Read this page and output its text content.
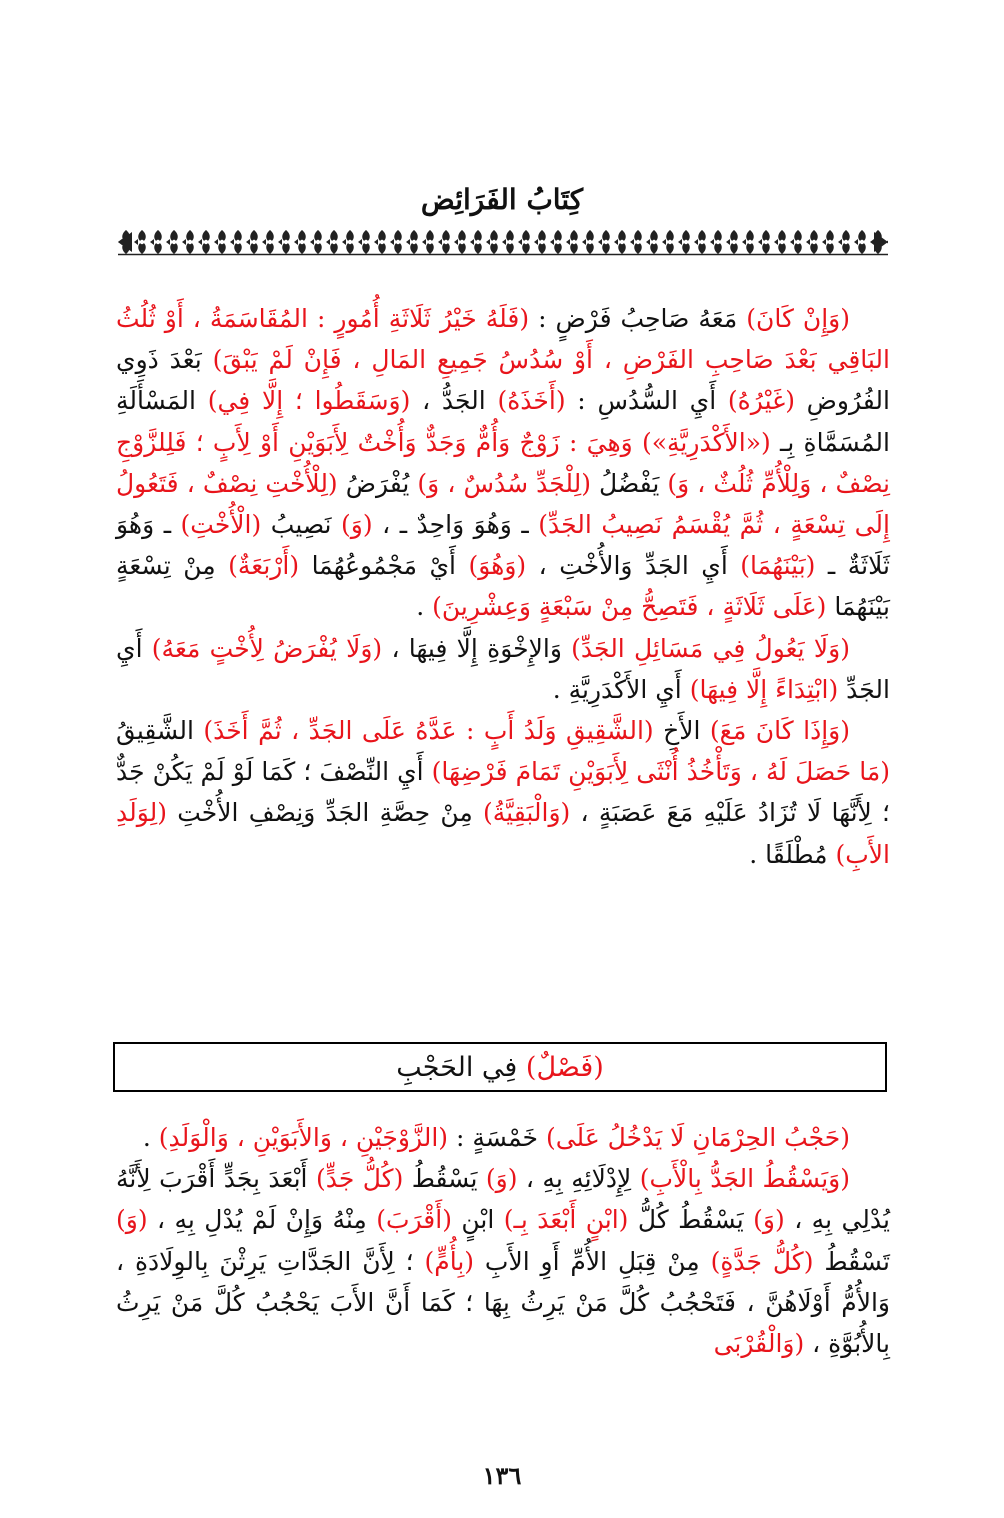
كِتَابُ الفَرَائِض

(وَإِنْ كَانَ) مَعَهُ صَاحِبُ فَرْضٍ : (فَلَهُ خَيْرُ ثَلَاثَةِ أُمُورٍ : المُقَاسَمَةُ ، أَوْ ثُلُثُ البَاقِي بَعْدَ صَاحِبِ الفَرْضِ ، أَوْ سُدُسُ جَمِيعِ المَالِ ، فَإِنْ لَمْ يَبْقَ) بَعْدَ ذَوِي الفُرُوضِ (غَيْرُهُ) أَيِ السُّدُسِ : (أَخَذَهُ) الجَدُّ ، (وَسَقَطُوا ؛ إِلَّا فِي) المَسْأَلَةِ المُسَمَّاةِ بِـ («الأَكْدَرِيَّةِ») وَهِيَ : زَوْجٌ وَأُمٌّ وَجَدٌّ وَأُخْتٌ لِأَبَوَيْنِ أَوْ لِأَبٍ ؛ فَلِلزَّوْجِ نِصْفٌ ، وَلِلْأُمِّ ثُلُثٌ ، وَ) يَفْضُلُ (لِلْجَدِّ سُدُسٌ ، وَ) يُفْرَضُ (لِلْأُخْتِ نِصْفٌ ، فَتَعُولُ إِلَى تِسْعَةٍ ، ثُمَّ يُقْسَمُ نَصِيبُ الجَدِّ) ـ وَهُوَ وَاحِدٌ ـ ، (وَ) نَصِيبُ (الْأُخْتِ) ـ وَهُوَ ثَلَاثَةٌ ـ (بَيْنَهُمَا) أَيِ الجَدِّ وَالأُخْتِ ، (وَهُوَ) أَيْ مَجْمُوعُهُمَا (أَرْبَعَةٌ) مِنْ تِسْعَةٍ بَيْنَهُمَا (عَلَى ثَلَاثَةٍ ، فَتَصِحُّ مِنْ سَبْعَةٍ وَعِشْرِينَ) .

(وَلَا يَعُولُ فِي مَسَائِلِ الجَدِّ) وَالإِخْوَةِ إِلَّا فِيهَا ، (وَلَا يُفْرَضُ لِأُخْتٍ مَعَهُ) أَيِ الجَدِّ (ابْتِدَاءً إِلَّا فِيهَا) أَيِ الأَكْدَرِيَّةِ .

(وَإِذَا كَانَ مَعَ) الأَخِ (الشَّقِيقِ وَلَدُ أَبٍ : عَدَّهُ عَلَى الجَدِّ ، ثُمَّ أَخَذَ) الشَّقِيقُ (مَا حَصَلَ لَهُ ، وَتَأْخُذُ أُنْثَى لِأَبَوَيْنِ تَمَامَ فَرْضِهَا) أَيِ النِّصْفَ ؛ كَمَا لَوْ لَمْ يَكُنْ جَدٌّ ؛ لِأَنَّهَا لَا تُزَادُ عَلَيْهِ مَعَ عَصَبَةٍ ، (وَالْبَقِيَّةُ) مِنْ حِصَّةِ الجَدِّ وَنِصْفِ الأُخْتِ (لِوَلَدِ الأَبِ) مُطْلَقًا .

(فَصْلٌ) فِي الحَجْبِ

(حَجْبُ الحِرْمَانِ لَا يَدْخُلُ عَلَى) خَمْسَةٍ : (الزَّوْجَيْنِ ، وَالأَبَوَيْنِ ، وَالْوَلَدِ) .

(وَيَسْقُطُ الجَدُّ بِالْأَبِ) لِإِدْلَائِهِ بِهِ ، (وَ) يَسْقُطُ (كُلُّ جَدٍّ) أَبْعَدَ بِجَدٍّ أَقْرَبَ لِأَنَّهُ يُدْلِي بِهِ ، (وَ) يَسْقُطُ كُلُّ (ابْنٍ أَبْعَدَ بِـ) ابْنٍ (أَقْرَبَ) مِنْهُ وَإِنْ لَمْ يُدْلِ بِهِ ، (وَ) تَسْقُطُ (كُلُّ جَدَّةٍ) مِنْ قِبَلِ الأُمِّ أَوِ الأَبِ (بِأُمٍّ) ؛ لِأَنَّ الجَدَّاتِ يَرِثْنَ بِالوِلَادَةِ ، وَالأُمُّ أَوْلَاهُنَّ ، فَتَحْجُبُ كُلَّ مَنْ يَرِثُ بِهَا ؛ كَمَا أَنَّ الأَبَ يَحْجُبُ كُلَّ مَنْ يَرِثُ بِالأُبُوَّةِ ، (وَالْقُرْبَى

١٣٦
